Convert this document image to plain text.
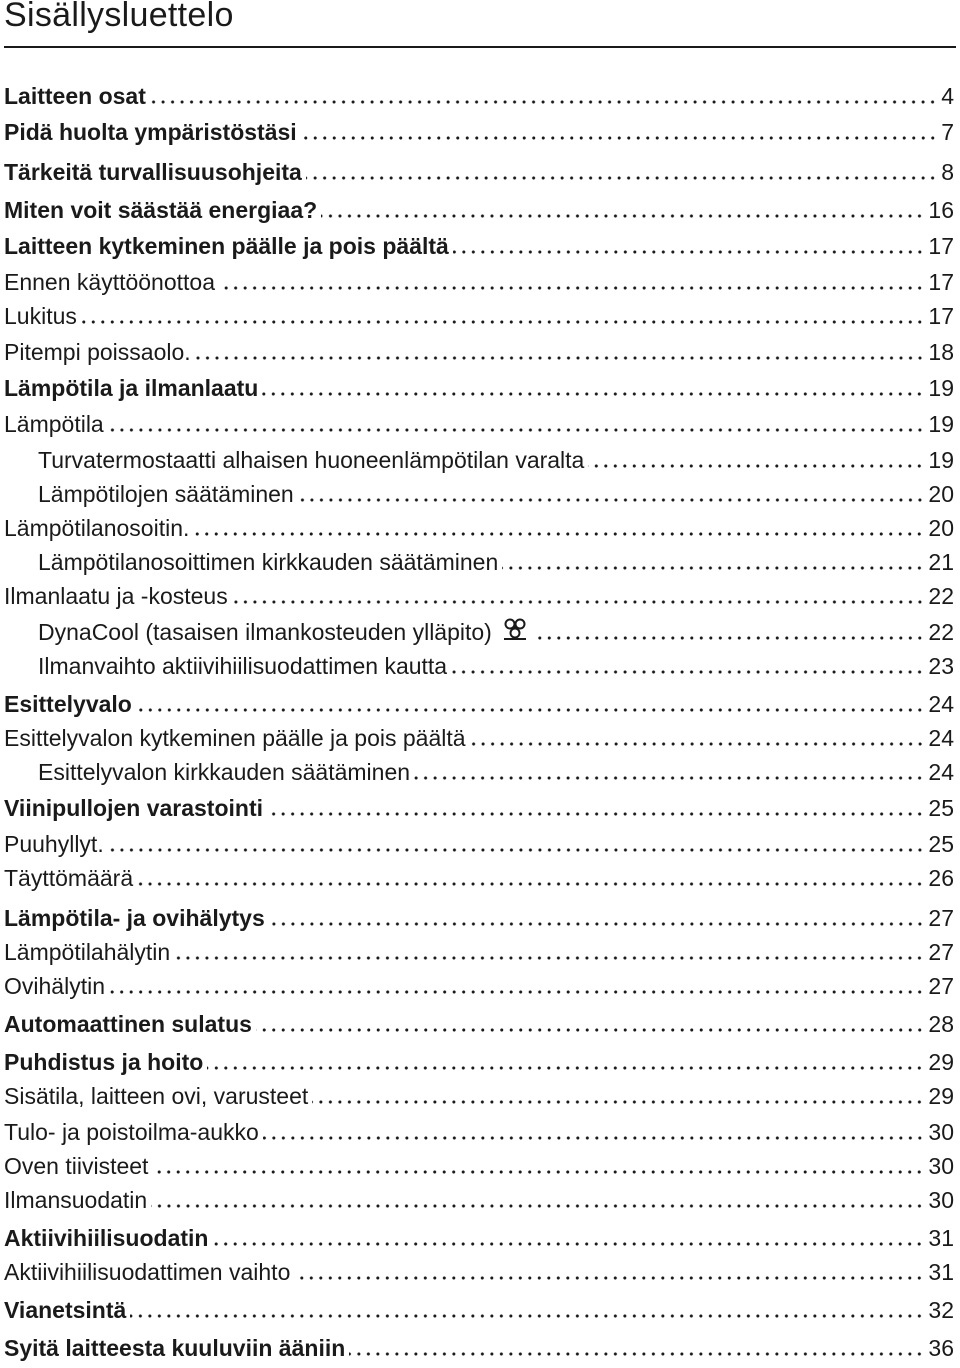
Sisällysluettelo
Laitteen osat	4
Pidä huolta ympäristöstäsi	7
Tärkeitä turvallisuusohjeita	8
Miten voit säästää energiaa?	16
Laitteen kytkeminen päälle ja pois päältä	17
Ennen käyttöönottoa	17
Lukitus	17
Pitempi poissaolo.	18
Lämpötila ja ilmanlaatu	19
Lämpötila	19
Turvatermostaatti alhaisen huoneenlämpötilan varalta	19
Lämpötilojen säätäminen	20
Lämpötilanosoitin.	20
Lämpötilanosoittimen kirkkauden säätäminen	21
Ilmanlaatu ja -kosteus	22
DynaCool (tasaisen ilmankosteuden ylläpito)	22
Ilmanvaihto aktiivihiilisuodattimen kautta	23
Esittelyvalo	24
Esittelyvalon kytkeminen päälle ja pois päältä	24
Esittelyvalon kirkkauden säätäminen	24
Viinipullojen varastointi	25
Puuhyllyt.	25
Täyttömäärä	26
Lämpötila- ja ovihälytys	27
Lämpötilahälytin	27
Ovihälytin	27
Automaattinen sulatus	28
Puhdistus ja hoito	29
Sisätila, laitteen ovi, varusteet	29
Tulo- ja poistoilma-aukko	30
Oven tiivisteet	30
Ilmansuodatin	30
Aktiivihiilisuodatin	31
Aktiivihiilisuodattimen vaihto	31
Vianetsintä	32
Syitä laitteesta kuuluviin ääniin	36
